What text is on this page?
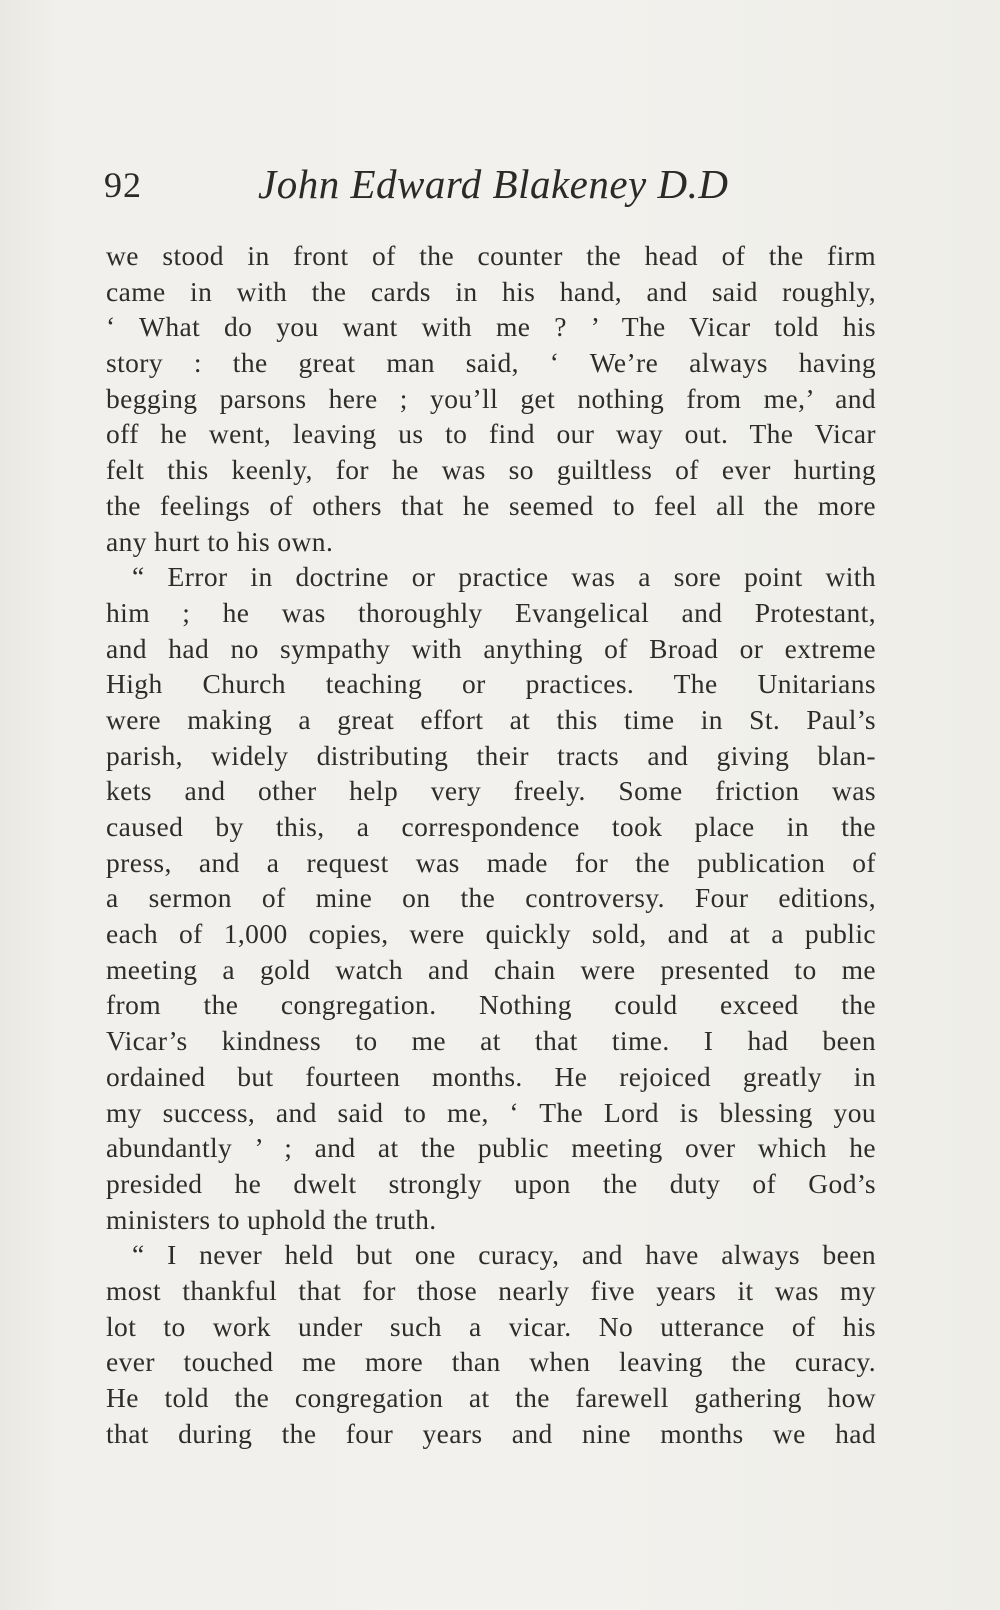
92	John Edward Blakeney D.D
we stood in front of the counter the head of the firm
came in with the cards in his hand, and said roughly,
‘ What do you want with me ? ’ The Vicar told his
story : the great man said, ‘ We’re always having
begging parsons here ; you’ll get nothing from me,’ and
off he went, leaving us to find our way out. The Vicar
felt this keenly, for he was so guiltless of ever hurting
the feelings of others that he seemed to feel all the more
any hurt to his own.
“ Error in doctrine or practice was a sore point with
him ; he was thoroughly Evangelical and Protestant,
and had no sympathy with anything of Broad or extreme
High Church teaching or practices. The Unitarians
were making a great effort at this time in St. Paul’s
parish, widely distributing their tracts and giving blan-
kets and other help very freely. Some friction was
caused by this, a correspondence took place in the
press, and a request was made for the publication of
a sermon of mine on the controversy. Four editions,
each of 1,000 copies, were quickly sold, and at a public
meeting a gold watch and chain were presented to me
from the congregation. Nothing could exceed the
Vicar’s kindness to me at that time. I had been
ordained but fourteen months. He rejoiced greatly in
my success, and said to me, ‘ The Lord is blessing you
abundantly ’ ; and at the public meeting over which he
presided he dwelt strongly upon the duty of God’s
ministers to uphold the truth.
“ I never held but one curacy, and have always been
most thankful that for those nearly five years it was my
lot to work under such a vicar. No utterance of his
ever touched me more than when leaving the curacy.
He told the congregation at the farewell gathering how
that during the four years and nine months we had
